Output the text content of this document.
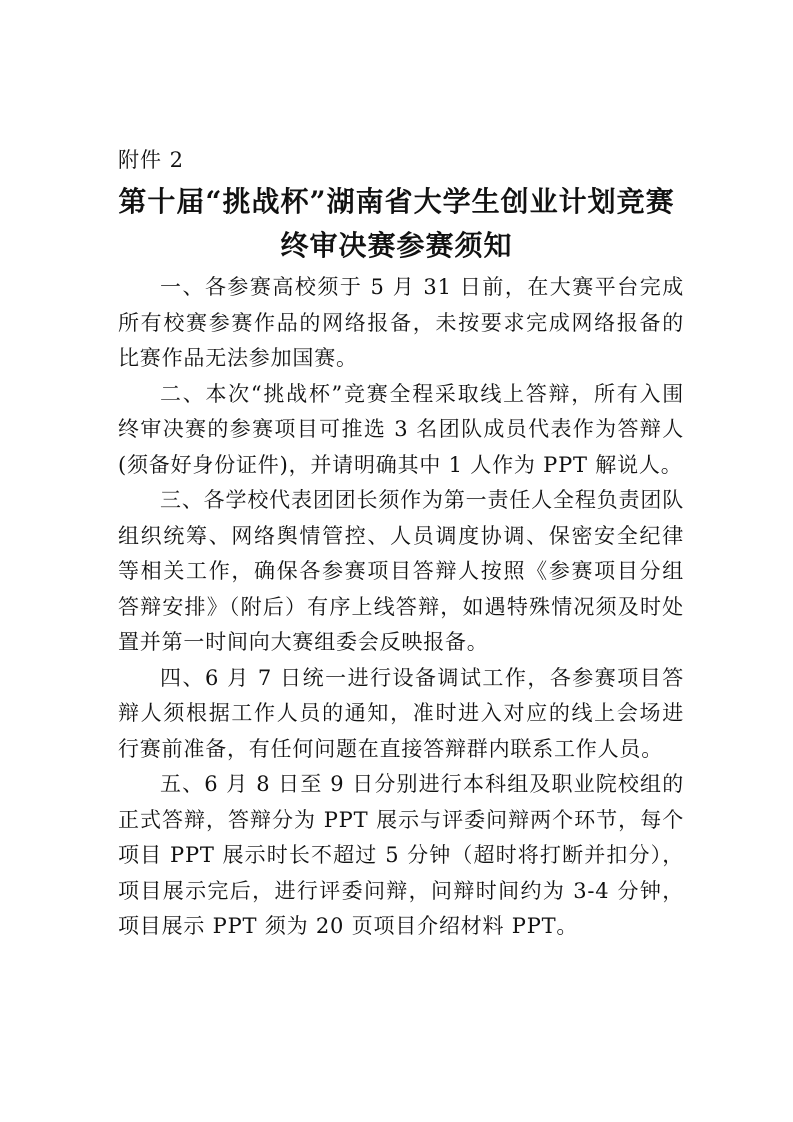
附件 2
第十届“挑战杯”湖南省大学生创业计划竞赛
终审决赛参赛须知

一、各参赛高校须于 5 月 31 日前，在大赛平台完成所有校赛参赛作品的网络报备，未按要求完成网络报备的比赛作品无法参加国赛。

二、本次“挑战杯”竞赛全程采取线上答辩，所有入围终审决赛的参赛项目可推选 3 名团队成员代表作为答辩人(须备好身份证件)，并请明确其中 1 人作为 PPT 解说人。

三、各学校代表团团长须作为第一责任人全程负责团队组织统筹、网络舆情管控、人员调度协调、保密安全纪律等相关工作，确保各参赛项目答辩人按照《参赛项目分组答辩安排》（附后）有序上线答辩，如遇特殊情况须及时处置并第一时间向大赛组委会反映报备。

四、6 月 7 日统一进行设备调试工作，各参赛项目答辩人须根据工作人员的通知，准时进入对应的线上会场进行赛前准备，有任何问题在直接答辩群内联系工作人员。

五、6 月 8 日至 9 日分别进行本科组及职业院校组的正式答辩，答辩分为 PPT 展示与评委问辩两个环节，每个项目 PPT 展示时长不超过 5 分钟（超时将打断并扣分），项目展示完后，进行评委问辩，问辩时间约为 3-4 分钟，项目展示 PPT 须为 20 页项目介绍材料 PPT。
